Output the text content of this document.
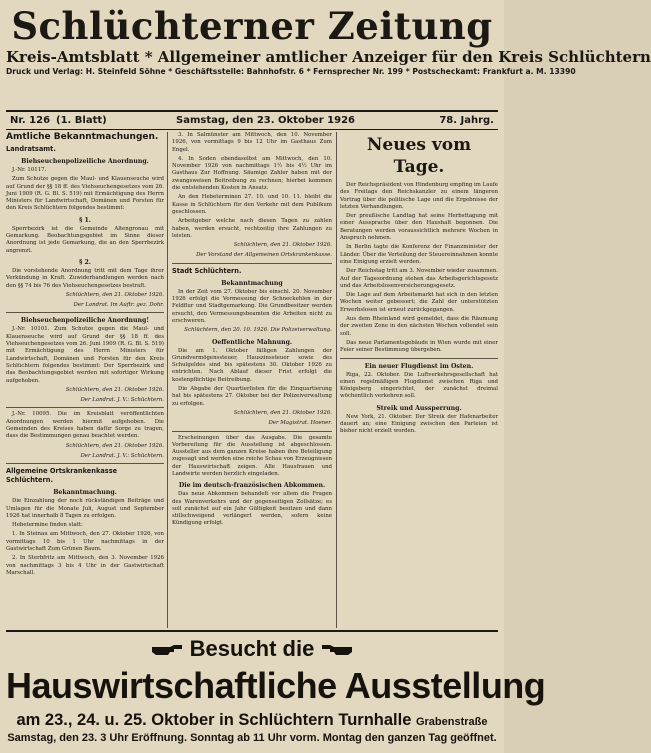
Schlüchterner Zeitung
Kreis-Amtsblatt * Allgemeiner amtlicher Anzeiger für den Kreis Schlüchtern
Druck und Verlag: H. Steinfeld Söhne * Geschäftsstelle: Bahnhofstr. 6 * Fernsprecher Nr. 199 * Postscheckamt: Frankfurt a. M. 13390
Nr. 126 (1. Blatt)	Samstag, den 23. Oktober 1926	78. Jahrg.
Amtliche Bekanntmachungen.
Landratsamt.
Biehseuchenpolizeiliche Anordnung.

J.-Nr. 10117.

Zum Schutze gegen die Maul- und Klauenseuche wird auf Grund der §§ 18 ff. des Viehseuchengesetzes vom 26. Juni 1909 (R. G. Bl. S. 519) mit Ermächtigung des Herrn Ministers für Landwirtschaft, Domänen und Forsten für den Kreis Schlüchtern folgendes bestimmt:

§ 1.

Sperrbezirk ist die Gemeinde Altengronau mit Gemarkung. Beobachtungsgebiet im Sinne dieser Anordnung ist jede Gemarkung, die an den Sperrbezirk angrenzt.

§ 2.

Die vorstehende Anordnung tritt mit dem Tage ihrer Verkündung in Kraft. Zuwiderhandlungen werden nach den §§ 74 bis 76 des Viehseuchengesetzes bestraft.

Schlüchtern, den 21. Oktober 1926.
Der Landrat. Im Auftr. gez. Dohr.
Biehseuchenpolizeiliche Anordnung!

J.-Nr. 10101. Zum Schutze gegen die Maul- und Klauenseuche wird auf Grund der §§ 18 ff. des Viehseuchengesetzes vom 26. Juni 1909 (R. G. Bl. S. 519) mit Ermächtigung des Herrn Ministers für Landwirtschaft, Domänen und Forsten für den Kreis Schlüchtern folgendes bestimmt: Der Sperrbezirk und das Beobachtungsgebiet werden mit sofortiger Wirkung aufgehoben.

Schlüchtern, den 21. Oktober 1926.
Der Landrat. J. V.: Schüchtern.

J.-Nr. 10095. Die im Kreisblatt veröffentlichten Anordnungen werden hiermit aufgehoben. Die Gemeinden des Kreises haben dafür Sorge zu tragen, dass die Bestimmungen genau beachtet werden.

Schlüchtern, den 21. Oktober 1926.
Der Landrat. J. V.: Schüchtern.
Allgemeine Ortskrankenkasse Schlüchtern.
Bekanntmachung.

Die Einzahlung der noch rückständigen Beiträge und Umlagen für die Monate Juli, August und September 1926 hat innerhalb 8 Tagen zu erfolgen.

Hebetermine finden statt:

1. In Steinau am Mittwoch, den 27. Oktober 1926, von vormittags 10 bis 1 Uhr nachmittags in der Gastwirtschaft Zum Grünen Baum.

2. In Sterbfritz am Mittwoch, den 3. November 1926 von nachmittags 3 bis 4 Uhr in der Gastwirtschaft Marschall.

3. In Salmünster am Mittwoch, den 10. November 1926, von vormittags 9 bis 12 Uhr im Gasthaus Zum Engel.

4. In Soden ebendaselbst am Mittwoch, den 10. November 1926 von nachmittags 1½ bis 4½ Uhr im Gasthaus Zur Hoffnung. Säumige Zahler haben mit der zwangsweisen Beitreibung zu rechnen; hierbei kommen die entstehenden Kosten in Ansatz.

An den Hebeterminen 27. 10. und 10. 11. bleibt die Kasse in Schlüchtern für den Verkehr mit dem Publikum geschlossen.

Arbeitgeber welche nach diesen Tagen zu zahlen haben, werden ersucht, rechtzeitig ihre Zahlungen zu leisten.

Schlüchtern, den 21. Oktober 1926.
Der Vorstand der Allgemeinen Ortskrankenkasse.
Stadt Schlüchtern.
Bekanntmachung

In der Zeit vom 27. Oktober bis einschl. 20. November 1926 erfolgt die Vermessung der Schneckehlen in der Feldflur und Stadtgemarkung. Die Grundbesitzer werden ersucht, den Vermessungsbeamten die Arbeiten nicht zu erschweren.

Schlüchtern, den 20. 10. 1926. Die Polizeiverwaltung.
Oeffentliche Mahnung.

Die am 1. Oktober fälligen Zahlungen der Grundvermögenssteuer, Hauszinssteuer sowie des Schulgeldes sind bis spätestens 30. Oktober 1926 zu entrichten. Nach Ablauf dieser Frist erfolgt die kostenpflichtige Beitreibung.

Die Abgabe der Quartierlisten für die Einquartierung hat bis spätestens 27. Oktober bei der Polizeiverwaltung zu erfolgen.

Schlüchtern, den 21. Oktober 1926.
Der Magistrat. Hoener.

Erscheinungen über das Ausgabe. Die gesamte Vorbereitung für die Ausstellung ist abgeschlossen. Aussteller aus dem ganzen Kreise haben ihre Beteiligung zugesagt und werden eine reiche Schau von Erzeugnissen der Hauswirtschaft zeigen. Alle Hausfrauen und Landwirte werden herzlich eingeladen.

Die im deutsch-französischen Abkommen.

Das neue Abkommen behandelt vor allem die Fragen des Warenverkehrs und der gegenseitigen Zollsätze; es soll zunächst auf ein Jahr Gültigkeit besitzen und dann stillschweigend verlängert werden, sofern keine Kündigung erfolgt.

Neues vom Tage.

Der Reichspräsident von Hindenburg empfing im Laufe des Freitags den Reichskanzler zu einem längeren Vortrag über die politische Lage und die Ergebnisse der letzten Verhandlungen.

Der preußische Landtag hat seine Herbsttagung mit einer Aussprache über den Haushalt begonnen. Die Beratungen werden voraussichtlich mehrere Wochen in Anspruch nehmen.

In Berlin tagte die Konferenz der Finanzminister der Länder. Über die Verteilung der Steuereinnahmen konnte eine Einigung erzielt werden.

Der Reichstag tritt am 3. November wieder zusammen. Auf der Tagesordnung stehen das Arbeitsgerichtsgesetz und das Arbeitslosenversicherungsgesetz.

Die Lage auf dem Arbeitsmarkt hat sich in den letzten Wochen weiter gebessert; die Zahl der unterstützten Erwerbslosen ist erneut zurückgegangen.

Aus dem Rheinland wird gemeldet, dass die Räumung der zweiten Zone in den nächsten Wochen vollendet sein soll.

Das neue Parlamentsgebäude in Wien wurde mit einer Feier seiner Bestimmung übergeben.

Ein neuer Flugdienst im Osten.

Riga, 22. Oktober. Die Luftverkehrsgesellschaft hat einen regelmäßigen Flugdienst zwischen Riga und Königsberg eingerichtet, der zunächst dreimal wöchentlich verkehren soll.

Streik und Aussperrung.

New York, 21. Oktober. Der Streik der Hafenarbeiter dauert an; eine Einigung zwischen den Parteien ist bisher nicht erzielt worden.

Besucht die
Hauswirtschaftliche Ausstellung
am 23., 24. u. 25. Oktober in Schlüchtern Turnhalle Grabenstraße
Samstag, den 23. 3 Uhr Eröffnung. Sonntag ab 11 Uhr vorm. Montag den ganzen Tag geöffnet.
